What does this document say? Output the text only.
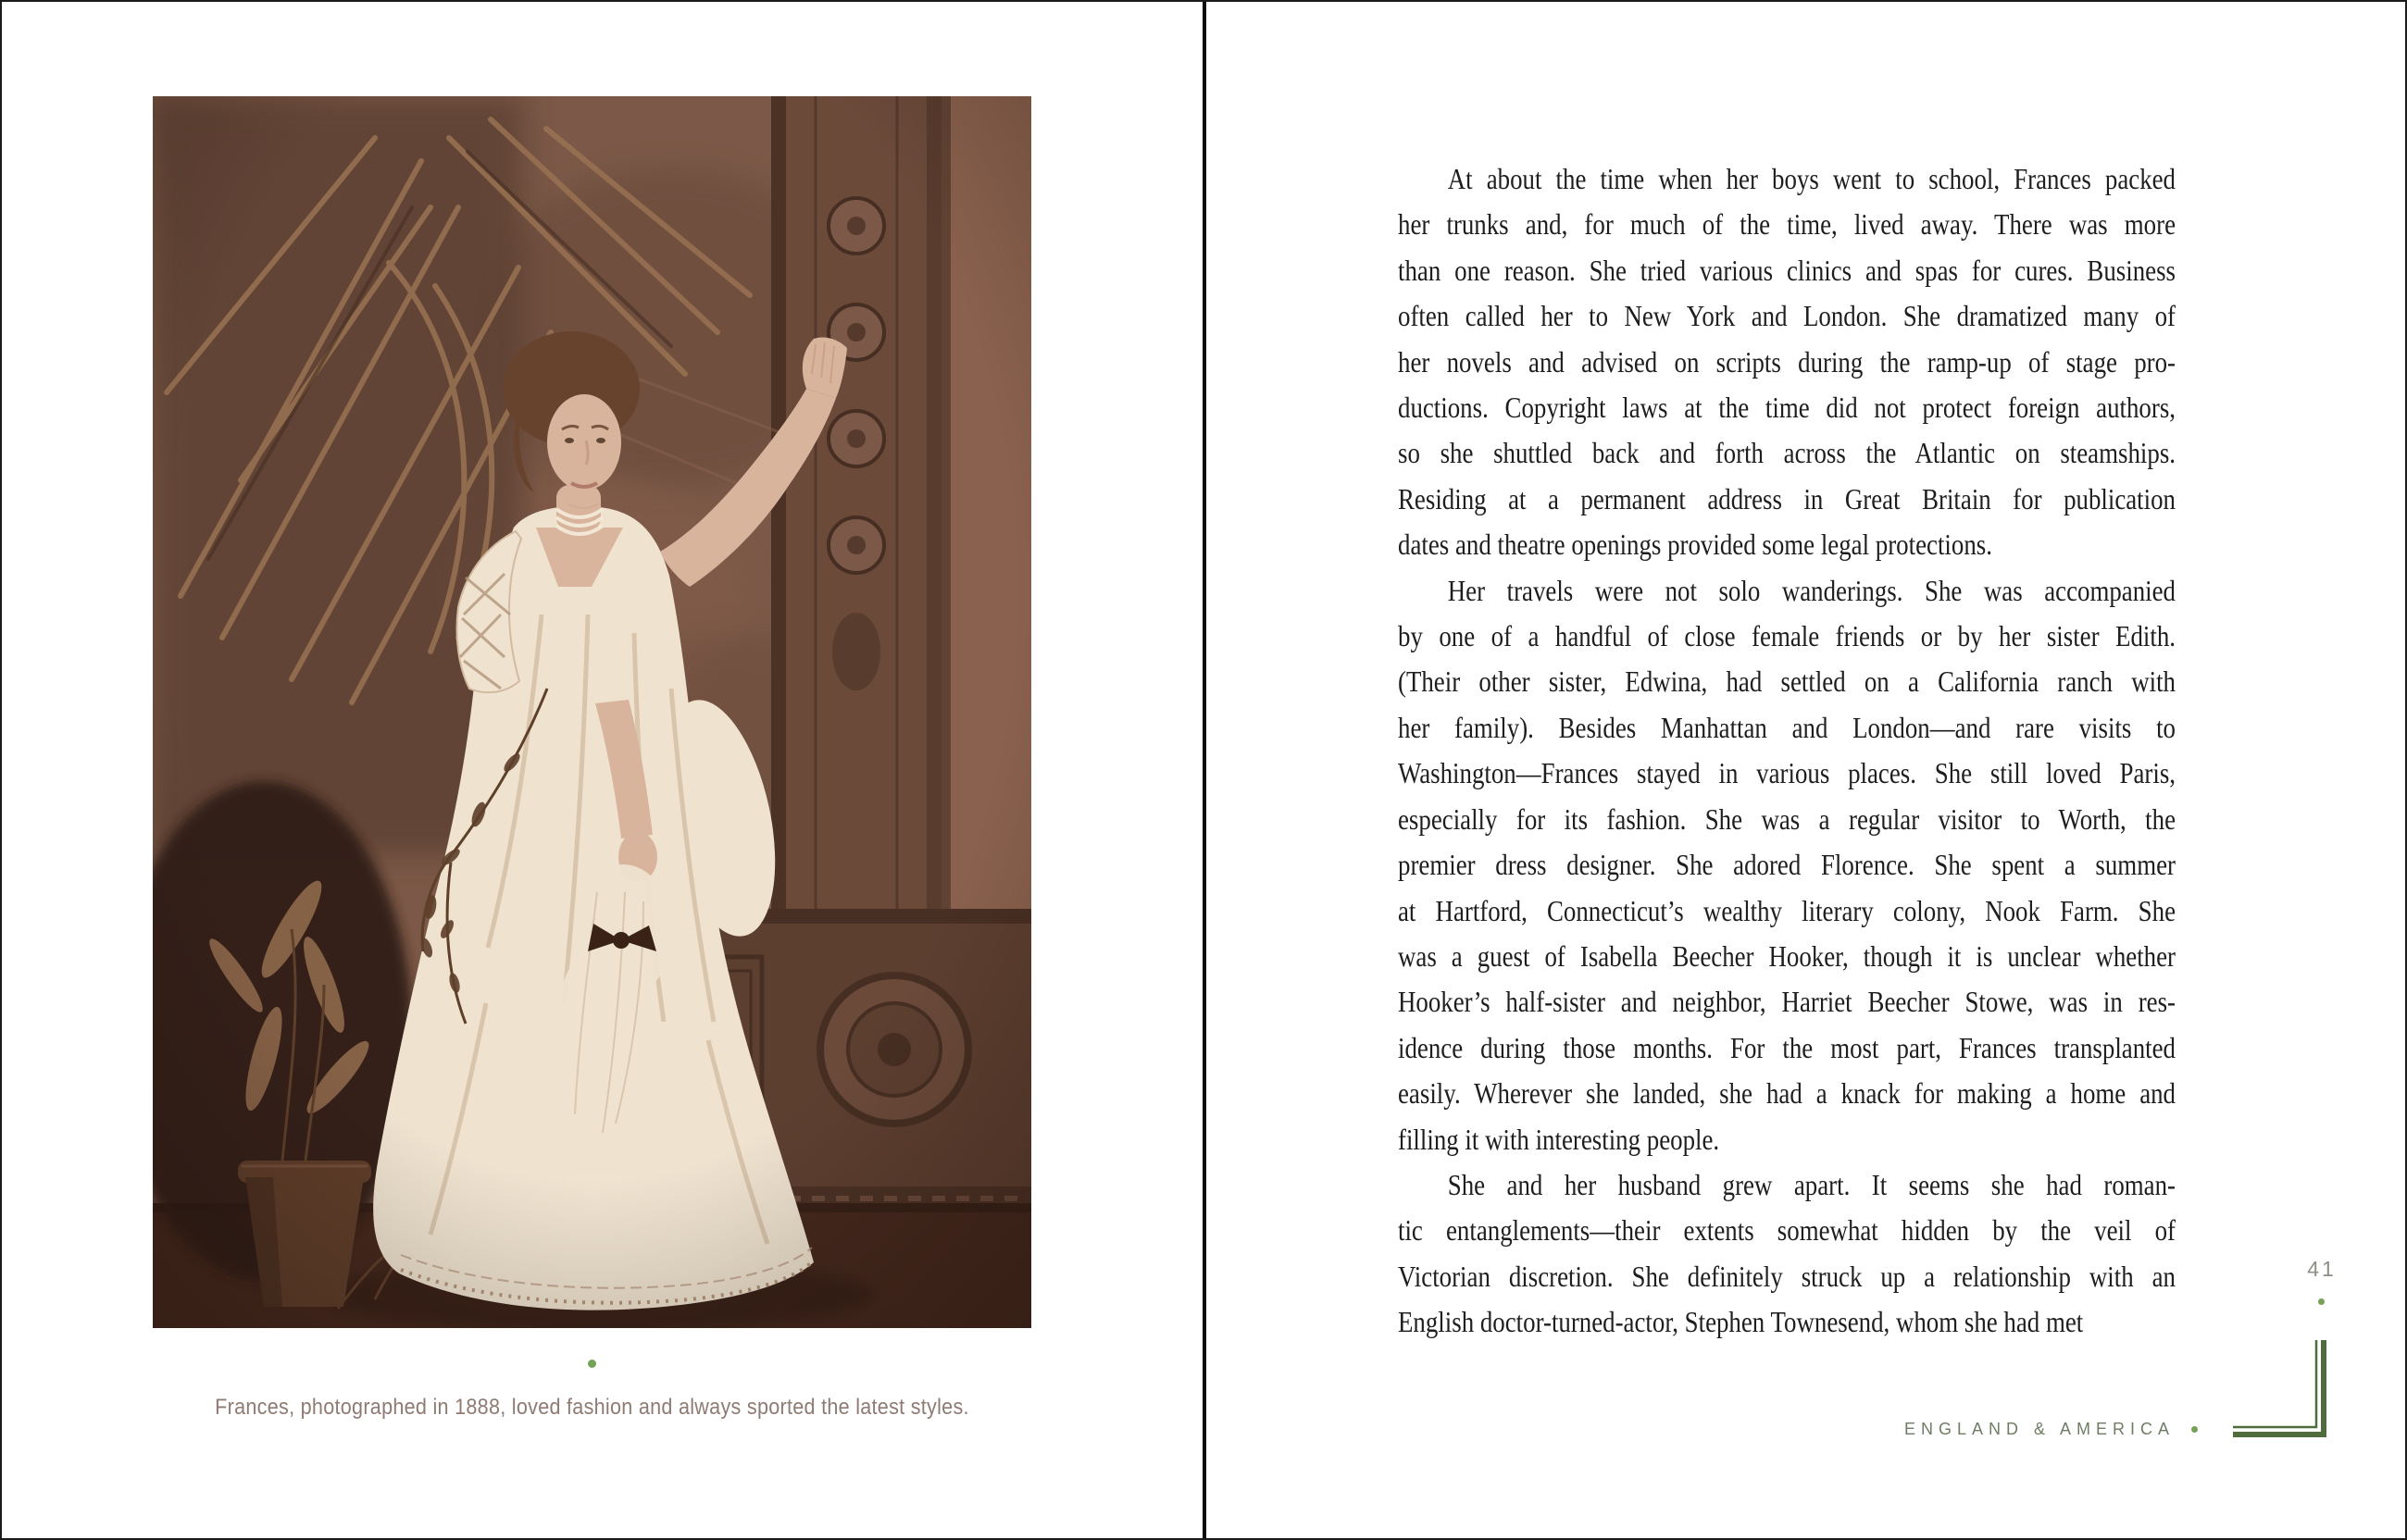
Frances, photographed in 1888, loved fashion and always sported the latest styles.
At about the time when her boys went to school, Frances packed
her trunks and, for much of the time, lived away. There was more
than one reason. She tried various clinics and spas for cures. Business
often called her to New York and London. She dramatized many of
her novels and advised on scripts during the ramp-up of stage pro-
ductions. Copyright laws at the time did not protect foreign authors,
so she shuttled back and forth across the Atlantic on steamships.
Residing at a permanent address in Great Britain for publication
dates and theatre openings provided some legal protections.
Her travels were not solo wanderings. She was accompanied
by one of a handful of close female friends or by her sister Edith.
(Their other sister, Edwina, had settled on a California ranch with
her family). Besides Manhattan and London—and rare visits to
Washington—Frances stayed in various places. She still loved Paris,
especially for its fashion. She was a regular visitor to Worth, the
premier dress designer. She adored Florence. She spent a summer
at Hartford, Connecticut’s wealthy literary colony, Nook Farm. She
was a guest of Isabella Beecher Hooker, though it is unclear whether
Hooker’s half-sister and neighbor, Harriet Beecher Stowe, was in res-
idence during those months. For the most part, Frances transplanted
easily. Wherever she landed, she had a knack for making a home and
filling it with interesting people.
She and her husband grew apart. It seems she had roman-
tic entanglements—their extents somewhat hidden by the veil of
Victorian discretion. She definitely struck up a relationship with an
English doctor-turned-actor, Stephen Townesend, whom she had met
41
ENGLAND & AMERICA
